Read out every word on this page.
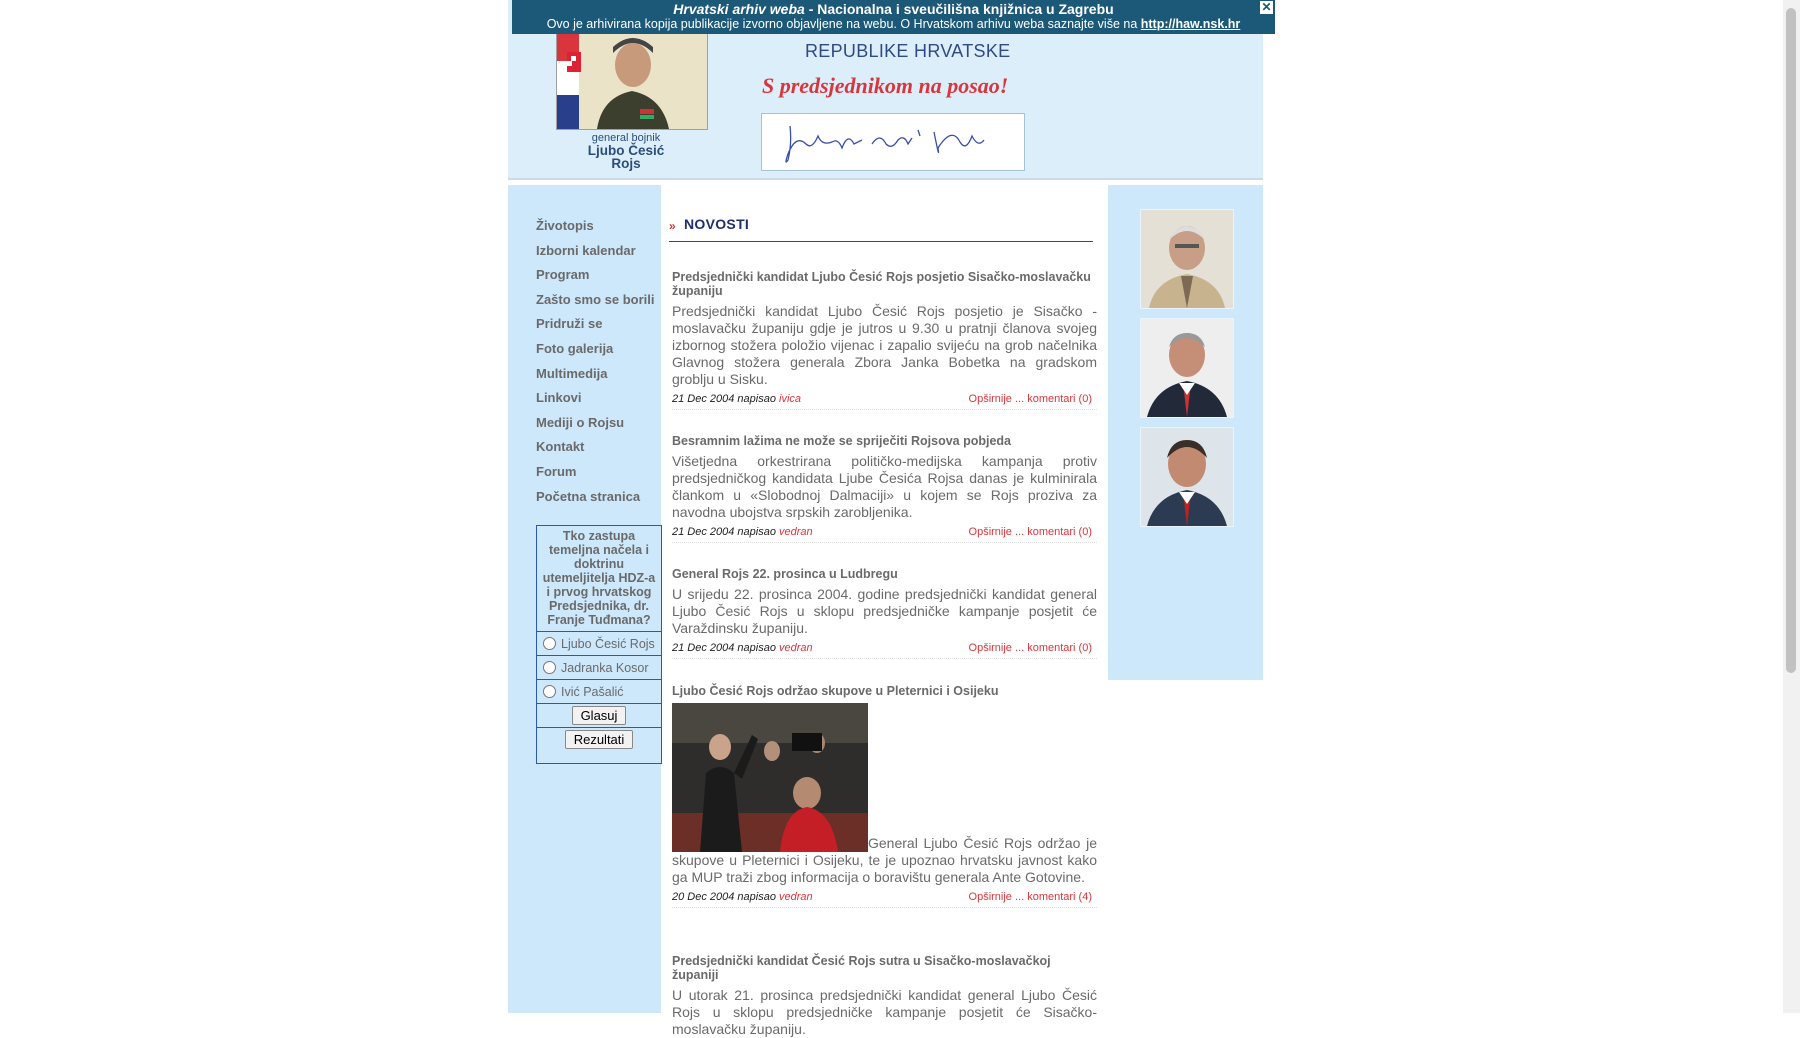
general bojnik
Ljubo Česić
Rojs
REPUBLIKE HRVATSKE
S predsjednikom na posao!
Hrvatski arhiv weba - Nacionalna i sveučilišna knjižnica u Zagrebu
Ovo je arhivirana kopija publikacije izvorno objavljene na webu. O Hrvatskom arhivu weba saznajte više na http://haw.nsk.hr
✕
Životopis
Izborni kalendar
Program
Zašto smo se borili
Pridruži se
Foto galerija
Multimedija
Linkovi
Mediji o Rojsu
Kontakt
Forum
Početna stranica
Tko zastupa temeljna načela i doktrinu utemeljitelja HDZ-a i prvog hrvatskog Predsjednika, dr. Franje Tuđmana?
Ljubo Česić Rojs
Jadranka Kosor
Ivić Pašalić
Glasuj
Rezultati
» NOVOSTI
Predsjednički kandidat Ljubo Česić Rojs posjetio Sisačko-moslavačku županiju

Predsjednički kandidat Ljubo Česić Rojs posjetio je Sisačko - moslavačku županiju gdje je jutros u 9.30 u pratnji članova svojeg izbornog stožera položio vijenac i zapalio svijeću na grob načelnika Glavnog stožera generala Zbora Janka Bobetka na gradskom groblju u Sisku.

21 Dec 2004 napisao ivica	Opširnije ... komentari (0)
Besramnim lažima ne može se spriječiti Rojsova pobjeda

Višetjedna orkestrirana političko-medijska kampanja protiv predsjedničkog kandidata Ljube Česića Rojsa danas je kulminirala člankom u «Slobodnoj Dalmaciji» u kojem se Rojs proziva za navodna ubojstva srpskih zarobljenika.

21 Dec 2004 napisao vedran	Opširnije ... komentari (0)
General Rojs 22. prosinca u Ludbregu

U srijedu 22. prosinca 2004. godine predsjednički kandidat general Ljubo Česić Rojs u sklopu predsjedničke kampanje posjetit će Varaždinsku županiju.

21 Dec 2004 napisao vedran	Opširnije ... komentari (0)
Ljubo Česić Rojs održao skupove u Pleternici i Osijeku

General Ljubo Česić Rojs održao je skupove u Pleternici i Osijeku, te je upoznao hrvatsku javnost kako ga MUP traži zbog informacija o boravištu generala Ante Gotovine.

20 Dec 2004 napisao vedran	Opširnije ... komentari (4)
Predsjednički kandidat Česić Rojs sutra u Sisačko-moslavačkoj županiji

U utorak 21. prosinca predsjednički kandidat general Ljubo Česić Rojs u sklopu predsjedničke kampanje posjetit će Sisačko-moslavačku županiju.
